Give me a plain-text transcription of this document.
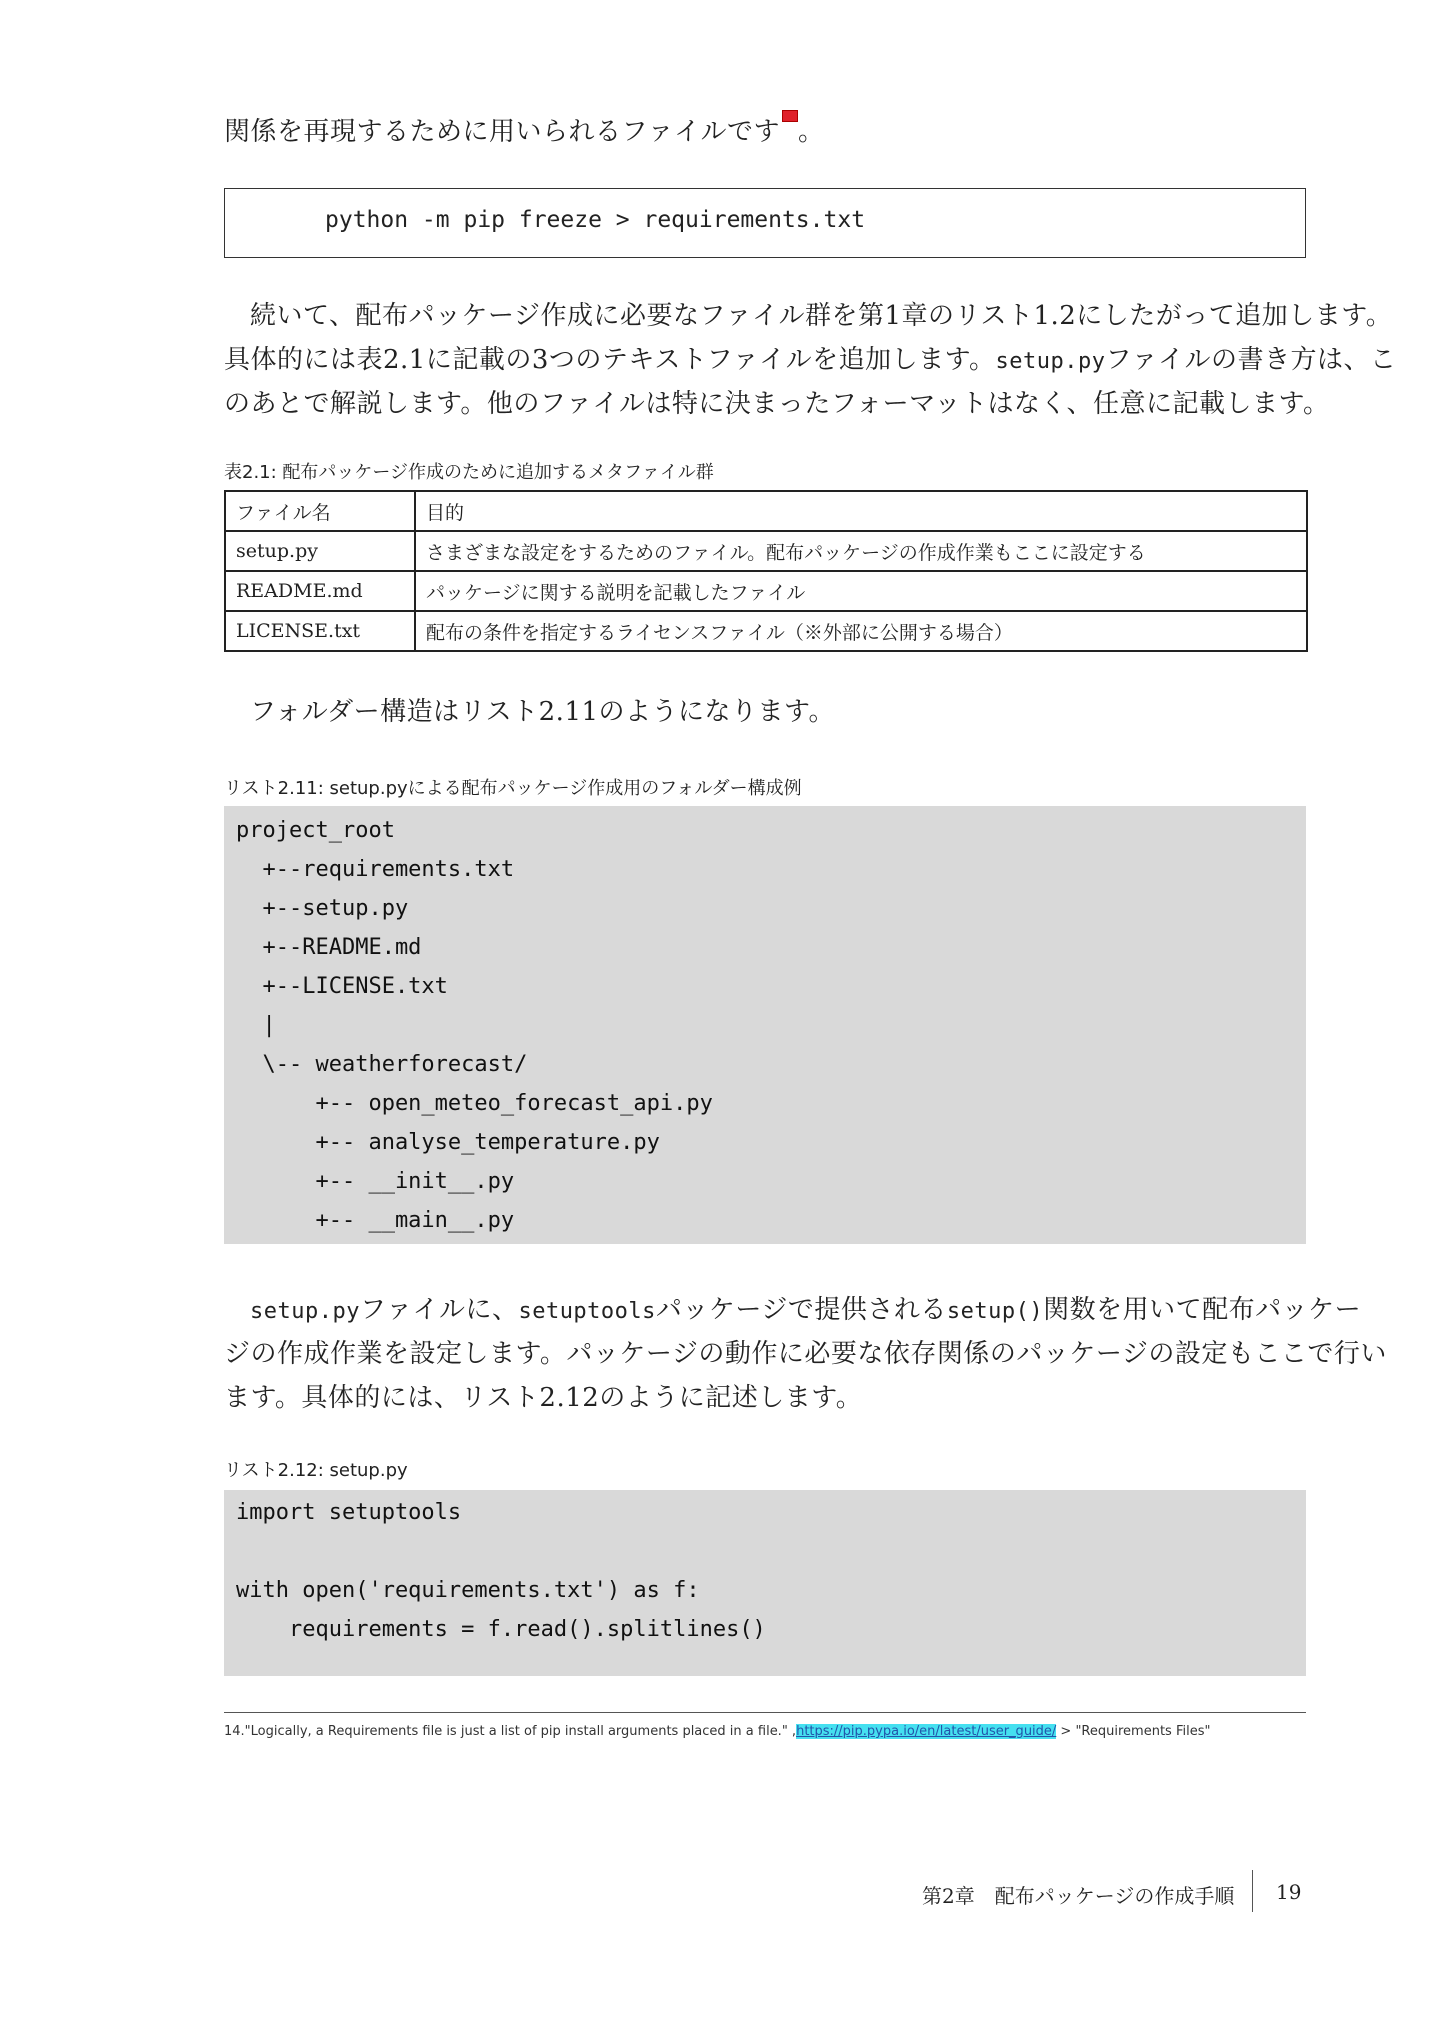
関係を再現するために用いられるファイルです 。
python -m pip freeze > requirements.txt
続いて、配布パッケージ作成に必要なファイル群を第1章のリスト1.2にしたがって追加します。
具体的には表2.1に記載の3つのテキストファイルを追加します。setup.pyファイルの書き方は、こ
のあとで解説します。他のファイルは特に決まったフォーマットはなく、任意に記載します。
表2.1: 配布パッケージ作成のために追加するメタファイル群
ファイル名	目的
setup.py	さまざまな設定をするためのファイル。配布パッケージの作成作業もここに設定する
README.md	パッケージに関する説明を記載したファイル
LICENSE.txt	配布の条件を指定するライセンスファイル（※外部に公開する場合）
フォルダー構造はリスト2.11のようになります。
リスト2.11: setup.pyによる配布パッケージ作成用のフォルダー構成例
project_root
+--requirements.txt
+--setup.py
+--README.md
+--LICENSE.txt
|
\-- weatherforecast/
+-- open_meteo_forecast_api.py
+-- analyse_temperature.py
+-- __init__.py
+-- __main__.py
setup.pyファイルに、setuptoolsパッケージで提供されるsetup()関数を用いて配布パッケー
ジの作成作業を設定します。パッケージの動作に必要な依存関係のパッケージの設定もここで行い
ます。具体的には、リスト2.12のように記述します。
リスト2.12: setup.py
import setuptools
with open('requirements.txt') as f:
requirements = f.read().splitlines()
14."Logically, a Requirements file is just a list of pip install arguments placed in a file." ,https://pip.pypa.io/en/latest/user_guide/ > "Requirements Files"
第2章　配布パッケージの作成手順 19
